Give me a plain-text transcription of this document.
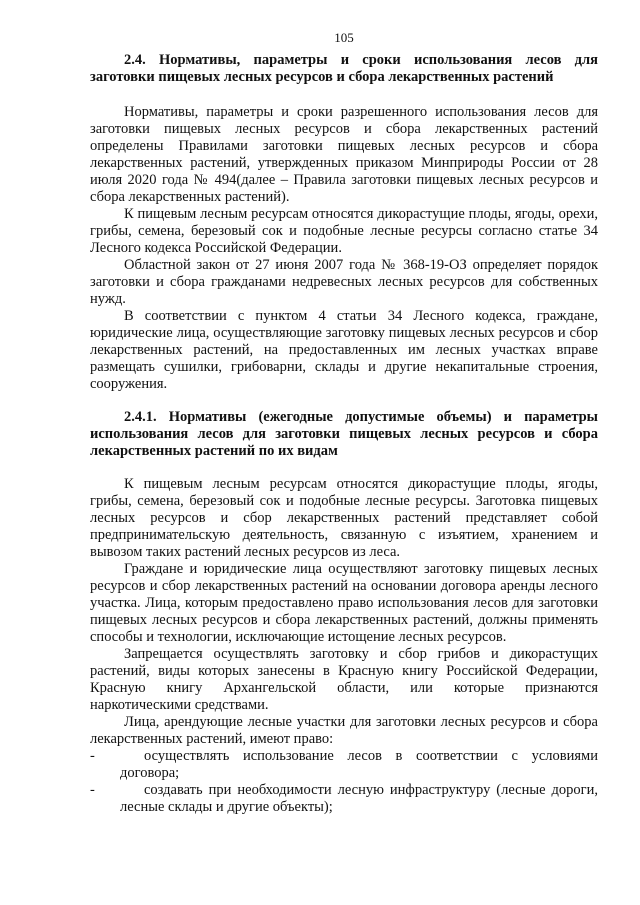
105

2.4. Нормативы, параметры и сроки использования лесов для заготовки пищевых лесных ресурсов и сбора лекарственных растений

Нормативы, параметры и сроки разрешенного использования лесов для заготовки пищевых лесных ресурсов и сбора лекарственных растений определены Правилами заготовки пищевых лесных ресурсов и сбора лекарственных растений, утвержденных приказом Минприроды России от 28 июля 2020 года № 494(далее – Правила заготовки пищевых лесных ресурсов и сбора лекарственных растений).

К пищевым лесным ресурсам относятся дикорастущие плоды, ягоды, орехи, грибы, семена, березовый сок и подобные лесные ресурсы согласно статье 34 Лесного кодекса Российской Федерации.

Областной закон от 27 июня 2007 года № 368-19-ОЗ определяет порядок заготовки и сбора гражданами недревесных лесных ресурсов для собственных нужд.

В соответствии с пунктом 4 статьи 34 Лесного кодекса, граждане, юридические лица, осуществляющие заготовку пищевых лесных ресурсов и сбор лекарственных растений, на предоставленных им лесных участках вправе размещать сушилки, грибоварни, склады и другие некапитальные строения, сооружения.

2.4.1. Нормативы (ежегодные допустимые объемы) и параметры использования лесов для заготовки пищевых лесных ресурсов и сбора лекарственных растений по их видам

К пищевым лесным ресурсам относятся дикорастущие плоды, ягоды, грибы, семена, березовый сок и подобные лесные ресурсы. Заготовка пищевых лесных ресурсов и сбор лекарственных растений представляет собой предпринимательскую деятельность, связанную с изъятием, хранением и вывозом таких растений лесных ресурсов из леса.

Граждане и юридические лица осуществляют заготовку пищевых лесных ресурсов и сбор лекарственных растений на основании договора аренды лесного участка. Лица, которым предоставлено право использования лесов для заготовки пищевых лесных ресурсов и сбора лекарственных растений, должны применять способы и технологии, исключающие истощение лесных ресурсов.

Запрещается осуществлять заготовку и сбор грибов и дикорастущих растений, виды которых занесены в Красную книгу Российской Федерации, Красную книгу Архангельской области, или которые признаются наркотическими средствами.

Лица, арендующие лесные участки для заготовки лесных ресурсов и сбора лекарственных растений, имеют право:

-	осуществлять использование лесов в соответствии с условиями договора;
-	создавать при необходимости лесную инфраструктуру (лесные дороги, лесные склады и другие объекты);
